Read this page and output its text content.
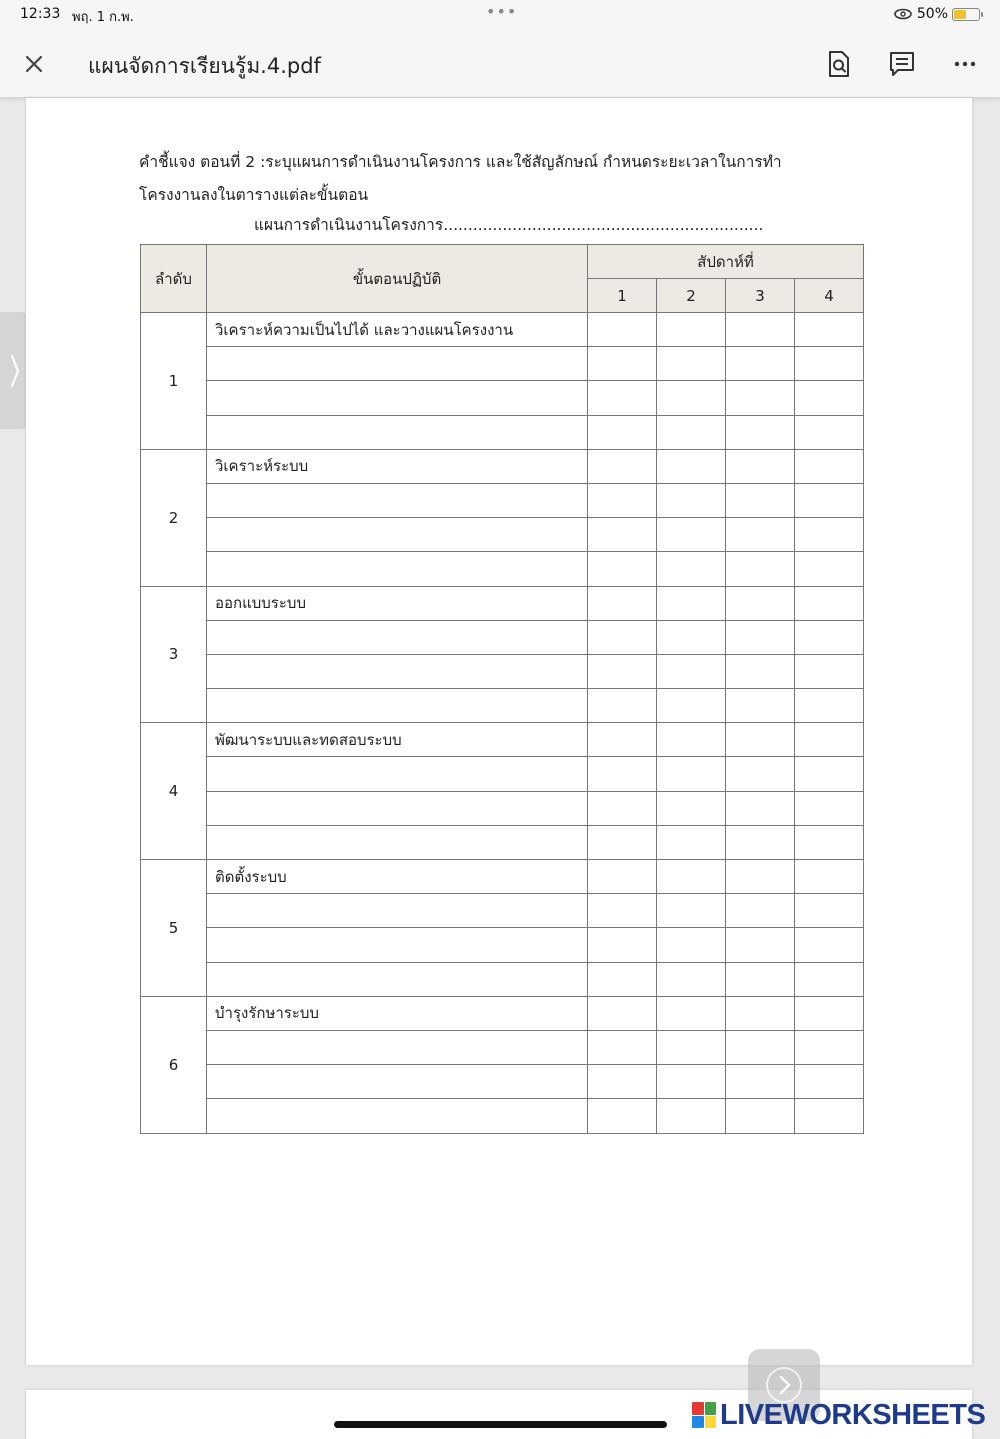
12:33 พฤ. 1 ก.พ.	•••	50%
แผนจัดการเรียนรู้ม.4.pdf
คำชี้แจง ตอนที่ 2 :ระบุแผนการดำเนินงานโครงการ และใช้สัญลักษณ์ กำหนดระยะเวลาในการทำ
โครงงานลงในตารางแต่ละขั้นตอน
แผนการดำเนินงานโครงการ.................................................................
ลำดับ	ขั้นตอนปฏิบัติ	สัปดาห์ที่			
		1	2	3	4
1	วิเคราะห์ความเป็นไปได้ และวางแผนโครงงาน				

2	วิเคราะห์ระบบ				

3	ออกแบบระบบ				

4	พัฒนาระบบและทดสอบระบบ				

5	ติดตั้งระบบ				

6	บำรุงรักษาระบบ				

LIVEWORKSHEETS
